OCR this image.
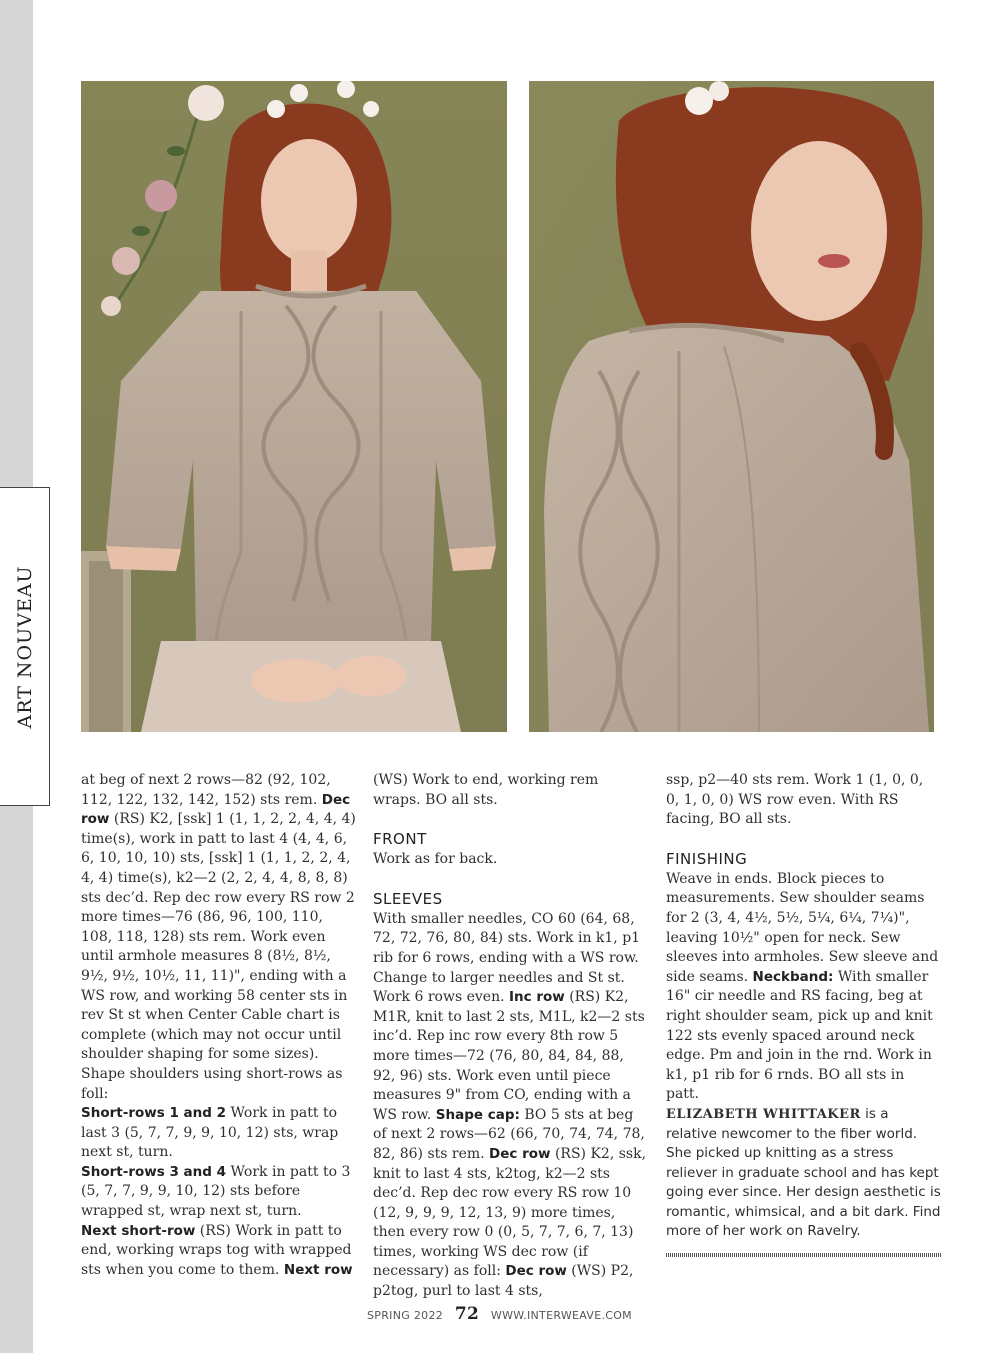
ART NOUVEAU

at beg of next 2 rows—82 (92, 102, 112, 122, 132, 142, 152) sts rem. Dec row (RS) K2, [ssk] 1 (1, 1, 2, 2, 4, 4, 4) time(s), work in patt to last 4 (4, 4, 6, 6, 10, 10, 10) sts, [ssk] 1 (1, 1, 2, 2, 4, 4, 4) time(s), k2—2 (2, 2, 4, 4, 8, 8, 8) sts dec’d. Rep dec row every RS row 2 more times—76 (86, 96, 100, 110, 108, 118, 128) sts rem. Work even until armhole measures 8 (8½, 8½, 9½, 9½, 10½, 11, 11)", ending with a WS row, and working 58 center sts in rev St st when Center Cable chart is complete (which may not occur until shoulder shaping for some sizes). Shape shoulders using short-rows as foll:

Short-rows 1 and 2 Work in patt to last 3 (5, 7, 7, 9, 9, 10, 12) sts, wrap next st, turn.

Short-rows 3 and 4 Work in patt to 3 (5, 7, 7, 9, 9, 10, 12) sts before wrapped st, wrap next st, turn.

Next short-row (RS) Work in patt to end, working wraps tog with wrapped sts when you come to them. Next row

(WS) Work to end, working rem wraps. BO all sts.

FRONT

Work as for back.

SLEEVES

With smaller needles, CO 60 (64, 68, 72, 72, 76, 80, 84) sts. Work in k1, p1 rib for 6 rows, ending with a WS row. Change to larger needles and St st. Work 6 rows even. Inc row (RS) K2, M1R, knit to last 2 sts, M1L, k2—2 sts inc’d. Rep inc row every 8th row 5 more times—72 (76, 80, 84, 84, 88, 92, 96) sts. Work even until piece measures 9" from CO, ending with a WS row. Shape cap: BO 5 sts at beg of next 2 rows—62 (66, 70, 74, 74, 78, 82, 86) sts rem. Dec row (RS) K2, ssk, knit to last 4 sts, k2tog, k2—2 sts dec’d. Rep dec row every RS row 10 (12, 9, 9, 9, 12, 13, 9) more times, then every row 0 (0, 5, 7, 7, 6, 7, 13) times, working WS dec row (if necessary) as foll: Dec row (WS) P2, p2tog, purl to last 4 sts,

ssp, p2—40 sts rem. Work 1 (1, 0, 0, 0, 1, 0, 0) WS row even. With RS facing, BO all sts.

FINISHING

Weave in ends. Block pieces to measurements. Sew shoulder seams for 2 (3, 4, 4½, 5½, 5¼, 6¼, 7¼)", leaving 10½" open for neck. Sew sleeves into armholes. Sew sleeve and side seams. Neckband: With smaller 16" cir needle and RS facing, beg at right shoulder seam, pick up and knit 122 sts evenly spaced around neck edge. Pm and join in the rnd. Work in k1, p1 rib for 6 rnds. BO all sts in patt.

ELIZABETH WHITTAKER is a relative newcomer to the fiber world. She picked up knitting as a stress reliever in graduate school and has kept going ever since. Her design aesthetic is romantic, whimsical, and a bit dark. Find more of her work on Ravelry.

SPRING 2022 72 WWW.INTERWEAVE.COM
